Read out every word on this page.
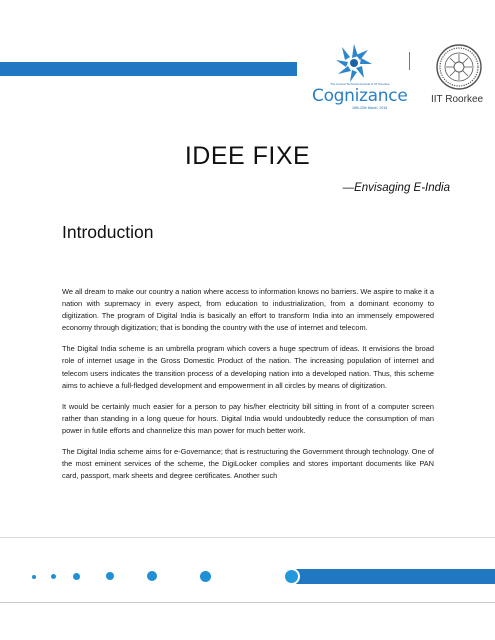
The Annual Technical Festival of IIT Roorkee
Cognizance
18th-20th March, 2016
IIT Roorkee
IDEE FIXE
—Envisaging E-India
Introduction

We all dream to make our country a nation where access to information knows no barriers. We aspire to make it a nation with supremacy in every aspect, from education to industrialization, from a dominant economy to digitization. The program of Digital India is basically an effort to transform India into an immensely empowered economy through digitization; that is bonding the country with the use of internet and telecom.

The Digital India scheme is an umbrella program which covers a huge spectrum of ideas. It envisions the broad role of internet usage in the Gross Domestic Product of the nation. The increasing population of internet and telecom users indicates the transition process of a developing nation into a developed nation. Thus, this scheme aims to achieve a full-fledged development and empowerment in all circles by means of digitization.

It would be certainly much easier for a person to pay his/her electricity bill sitting in front of a computer screen rather than standing in a long queue for hours. Digital India would undoubtedly reduce the consumption of man power in futile efforts and channelize this man power for much better work.

The Digital India scheme aims for e-Governance; that is restructuring the Government through technology. One of the most eminent services of the scheme, the DigiLocker complies and stores important documents like PAN card, passport, mark sheets and degree certificates. Another such
